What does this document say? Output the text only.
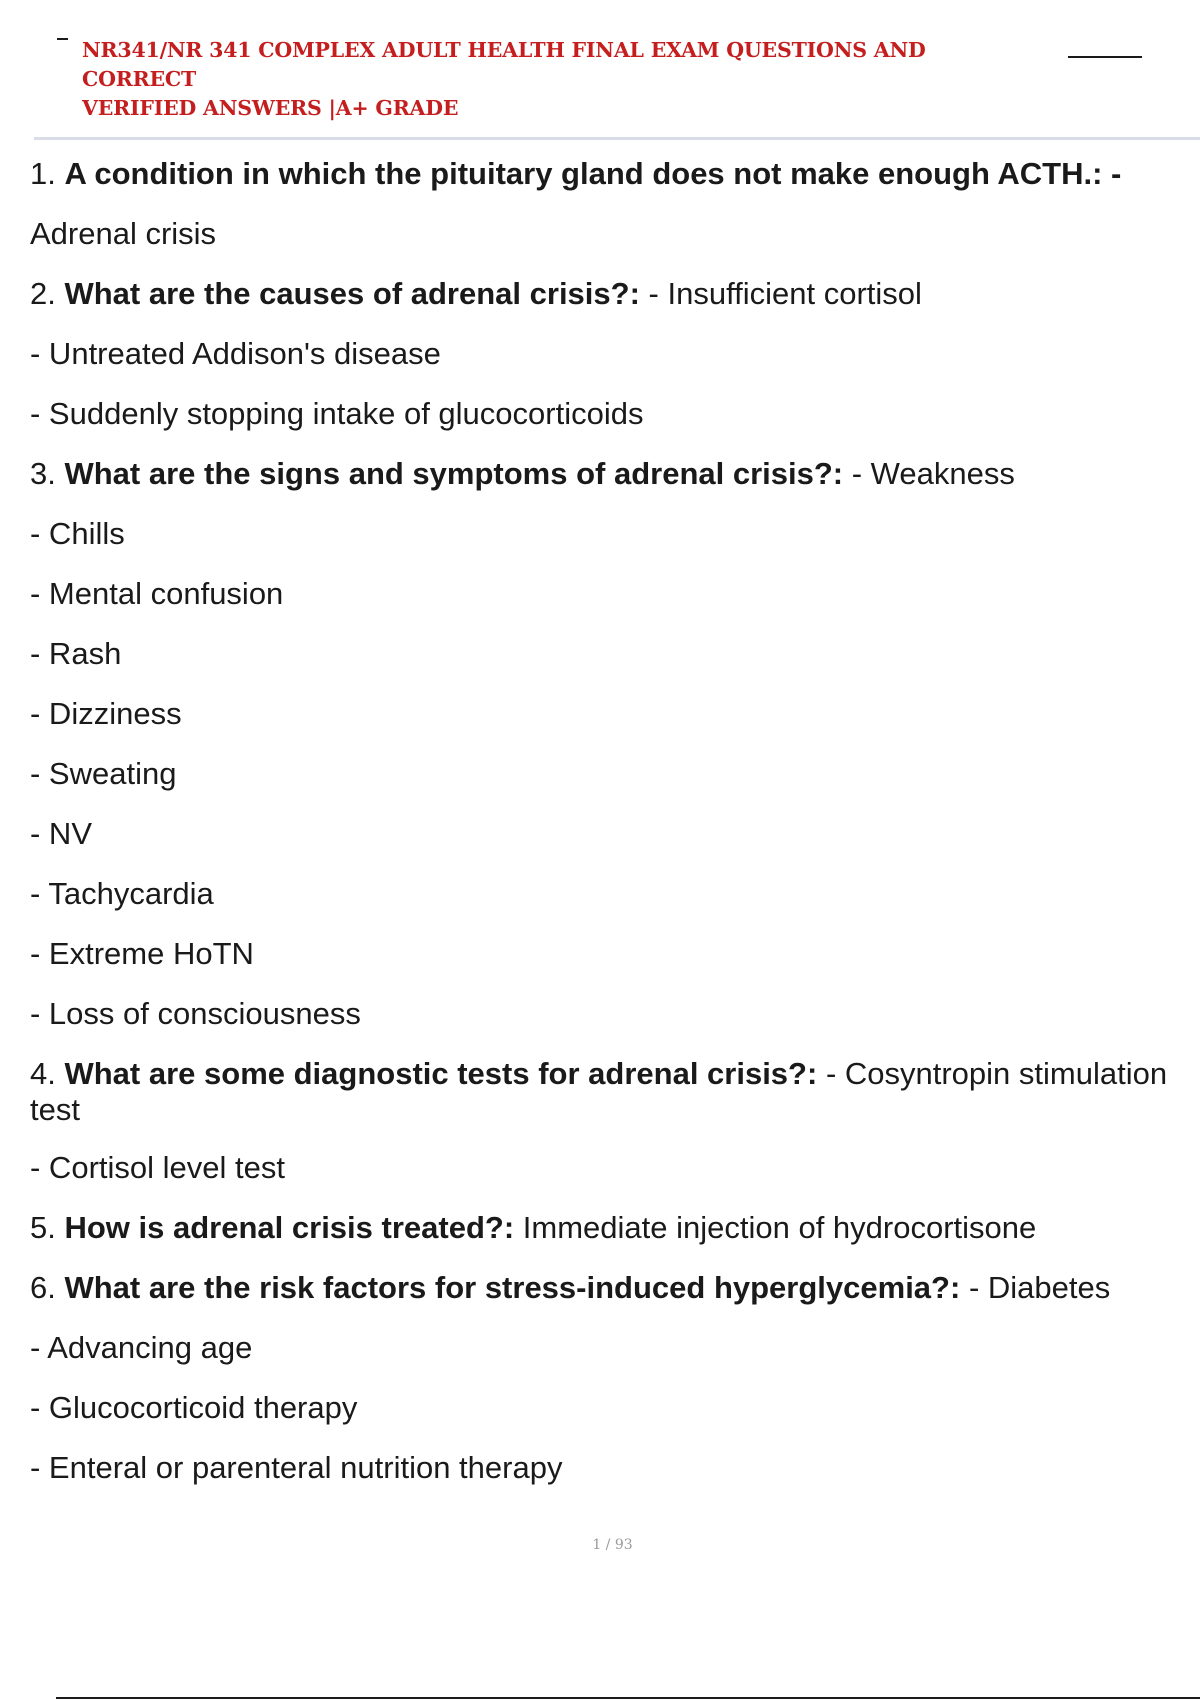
NR341/NR 341 COMPLEX ADULT HEALTH FINAL EXAM QUESTIONS AND CORRECT
VERIFIED ANSWERS |A+ GRADE
1. A condition in which the pituitary gland does not make enough ACTH.: -
Adrenal crisis
2. What are the causes of adrenal crisis?: - Insufficient cortisol
- Untreated Addison's disease
- Suddenly stopping intake of glucocorticoids
3. What are the signs and symptoms of adrenal crisis?: - Weakness
- Chills
- Mental confusion
- Rash
- Dizziness
- Sweating
- NV
- Tachycardia
- Extreme HoTN
- Loss of consciousness
4. What are some diagnostic tests for adrenal crisis?: - Cosyntropin stimulation test
- Cortisol level test
5. How is adrenal crisis treated?: Immediate injection of hydrocortisone
6. What are the risk factors for stress-induced hyperglycemia?: - Diabetes
- Advancing age
- Glucocorticoid therapy
- Enteral or parenteral nutrition therapy
1 / 93
